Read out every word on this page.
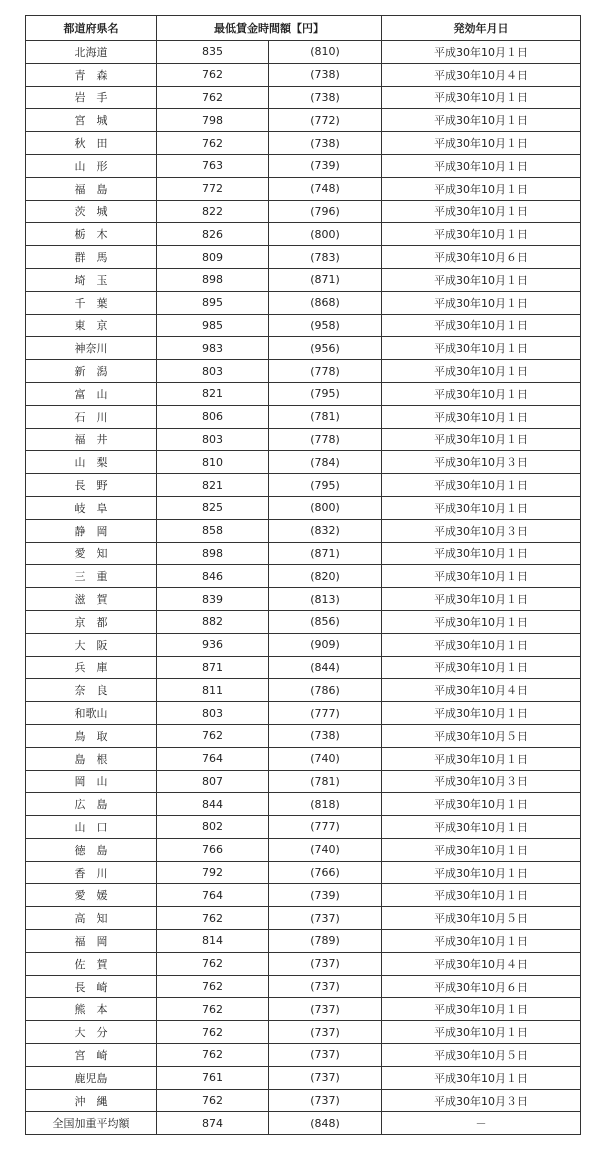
都道府県名	最低賃金時間額【円】		発効年月日
北海道	835	(810)	平成30年10月１日
青　森	762	(738)	平成30年10月４日
岩　手	762	(738)	平成30年10月１日
宮　城	798	(772)	平成30年10月１日
秋　田	762	(738)	平成30年10月１日
山　形	763	(739)	平成30年10月１日
福　島	772	(748)	平成30年10月１日
茨　城	822	(796)	平成30年10月１日
栃　木	826	(800)	平成30年10月１日
群　馬	809	(783)	平成30年10月６日
埼　玉	898	(871)	平成30年10月１日
千　葉	895	(868)	平成30年10月１日
東　京	985	(958)	平成30年10月１日
神奈川	983	(956)	平成30年10月１日
新　潟	803	(778)	平成30年10月１日
富　山	821	(795)	平成30年10月１日
石　川	806	(781)	平成30年10月１日
福　井	803	(778)	平成30年10月１日
山　梨	810	(784)	平成30年10月３日
長　野	821	(795)	平成30年10月１日
岐　阜	825	(800)	平成30年10月１日
静　岡	858	(832)	平成30年10月３日
愛　知	898	(871)	平成30年10月１日
三　重	846	(820)	平成30年10月１日
滋　賀	839	(813)	平成30年10月１日
京　都	882	(856)	平成30年10月１日
大　阪	936	(909)	平成30年10月１日
兵　庫	871	(844)	平成30年10月１日
奈　良	811	(786)	平成30年10月４日
和歌山	803	(777)	平成30年10月１日
鳥　取	762	(738)	平成30年10月５日
島　根	764	(740)	平成30年10月１日
岡　山	807	(781)	平成30年10月３日
広　島	844	(818)	平成30年10月１日
山　口	802	(777)	平成30年10月１日
徳　島	766	(740)	平成30年10月１日
香　川	792	(766)	平成30年10月１日
愛　媛	764	(739)	平成30年10月１日
高　知	762	(737)	平成30年10月５日
福　岡	814	(789)	平成30年10月１日
佐　賀	762	(737)	平成30年10月４日
長　崎	762	(737)	平成30年10月６日
熊　本	762	(737)	平成30年10月１日
大　分	762	(737)	平成30年10月１日
宮　崎	762	(737)	平成30年10月５日
鹿児島	761	(737)	平成30年10月１日
沖　縄	762	(737)	平成30年10月３日
全国加重平均額	874	(848)	－
